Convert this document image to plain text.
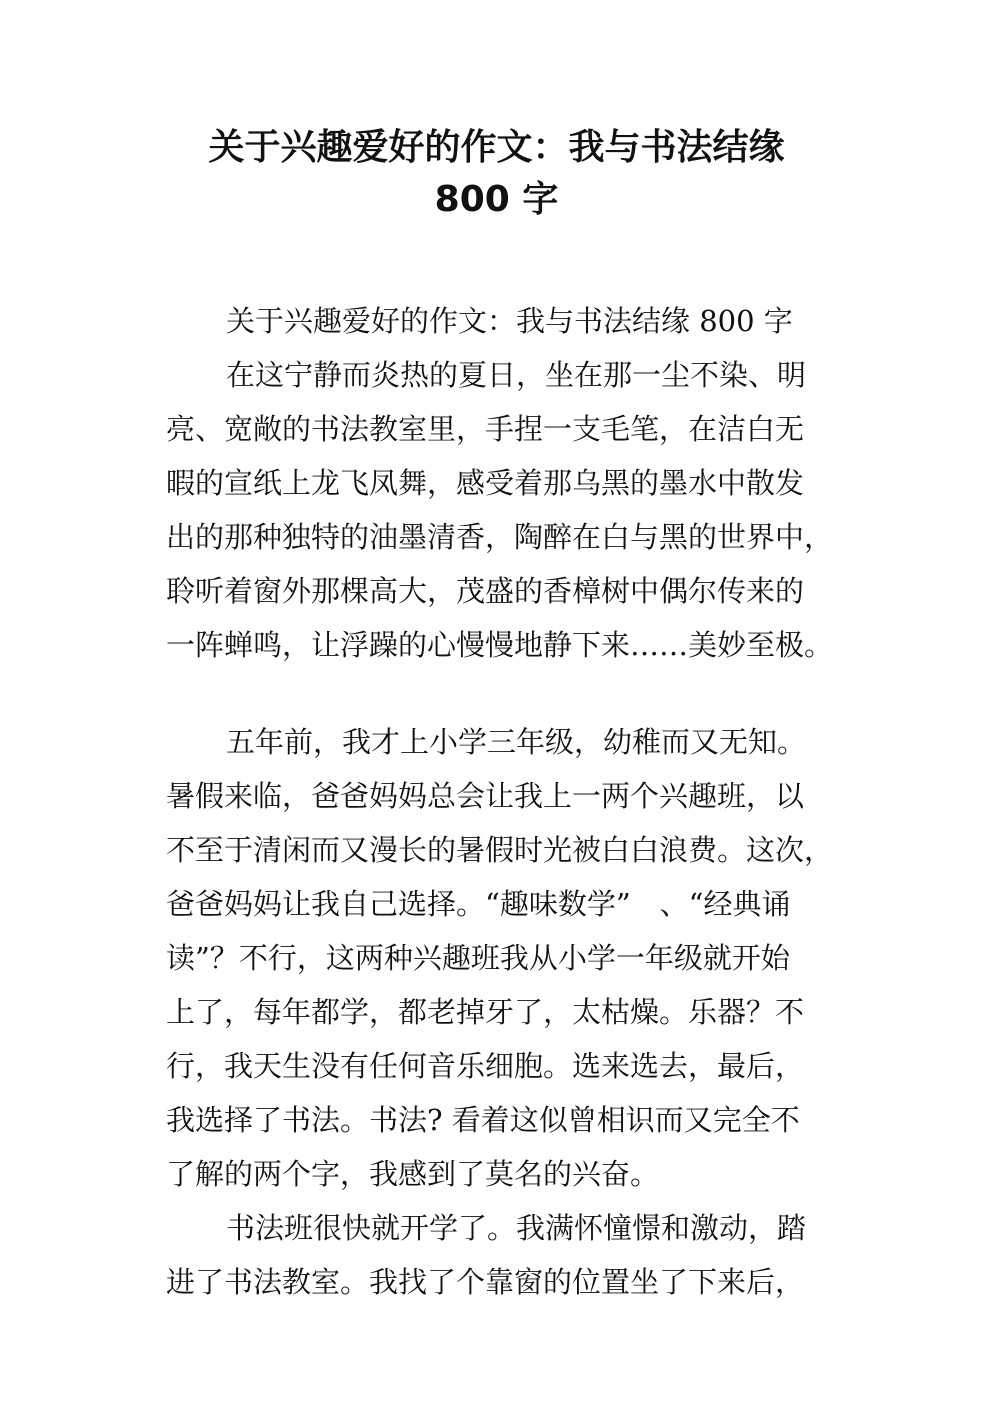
关于兴趣爱好的作文：我与书法结缘
800 字
关于兴趣爱好的作文：我与书法结缘 800 字
在这宁静而炎热的夏日，坐在那一尘不染、明
亮、宽敞的书法教室里，手捏一支毛笔，在洁白无
暇的宣纸上龙飞凤舞，感受着那乌黑的墨水中散发
出的那种独特的油墨清香，陶醉在白与黑的世界中，
聆听着窗外那棵高大，茂盛的香樟树中偶尔传来的
一阵蝉鸣，让浮躁的心慢慢地静下来……美妙至极。
五年前，我才上小学三年级，幼稚而又无知。
暑假来临，爸爸妈妈总会让我上一两个兴趣班，以
不至于清闲而又漫长的暑假时光被白白浪费。这次，
爸爸妈妈让我自己选择。“趣味数学”　、“经典诵
读”？不行，这两种兴趣班我从小学一年级就开始
上了，每年都学，都老掉牙了，太枯燥。乐器？不
行，我天生没有任何音乐细胞。选来选去，最后，
我选择了书法。书法? 看着这似曾相识而又完全不
了解的两个字，我感到了莫名的兴奋。
书法班很快就开学了。我满怀憧憬和激动，踏
进了书法教室。我找了个靠窗的位置坐了下来后，
